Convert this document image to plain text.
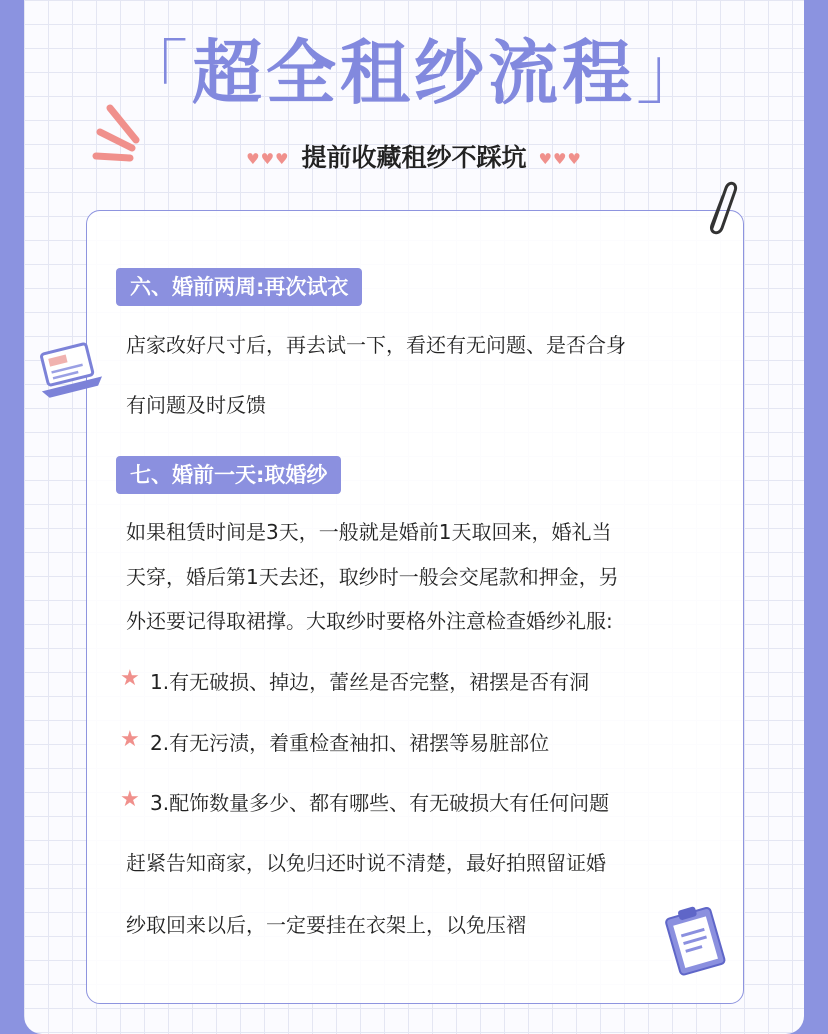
「超全租纱流程」
♥♥♥ 提前收藏租纱不踩坑 ♥♥♥
六、婚前两周:再次试衣
店家改好尺寸后，再去试一下，看还有无问题、是否合身
有问题及时反馈
七、婚前一天:取婚纱
如果租赁时间是3天，一般就是婚前1天取回来，婚礼当
天穿，婚后第1天去还，取纱时一般会交尾款和押金，另
外还要记得取裙撑。大取纱时要格外注意检查婚纱礼服:
★ 1.有无破损、掉边，蕾丝是否完整，裙摆是否有洞
★ 2.有无污渍，着重检查袖扣、裙摆等易脏部位
★ 3.配饰数量多少、都有哪些、有无破损大有任何问题
赶紧告知商家，以免归还时说不清楚，最好拍照留证婚
纱取回来以后，一定要挂在衣架上，以免压褶
